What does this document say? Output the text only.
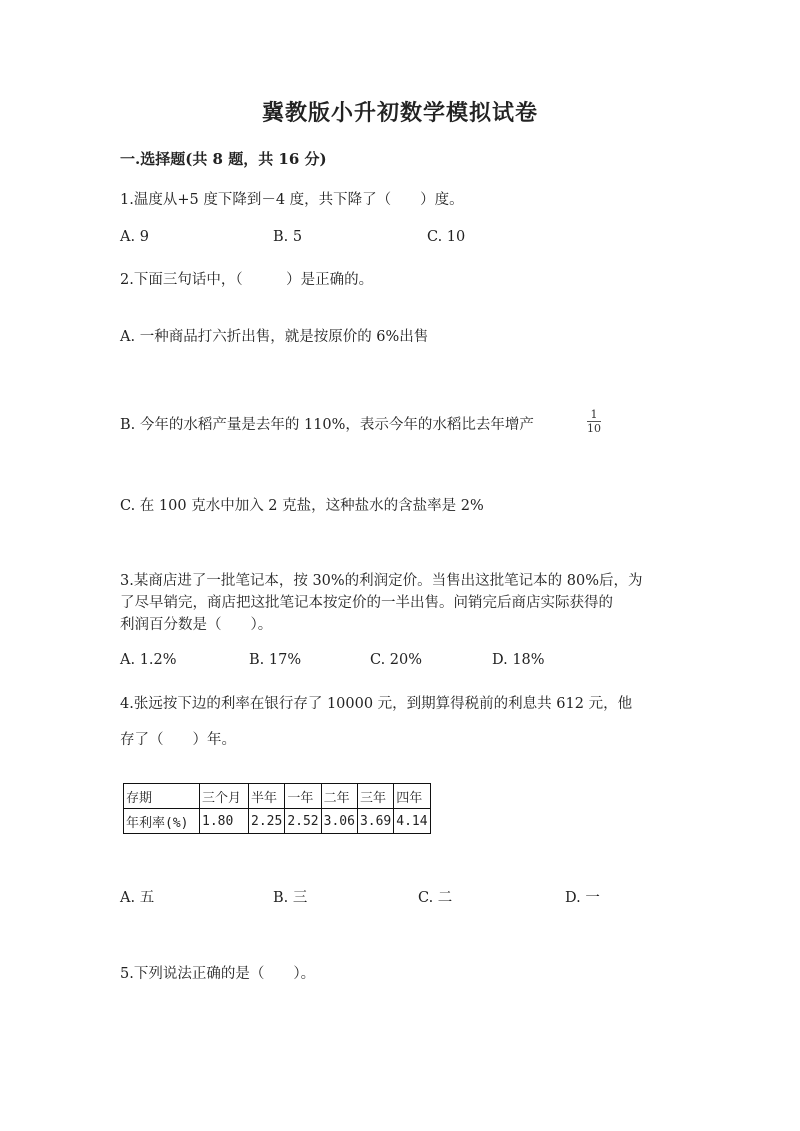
冀教版小升初数学模拟试卷
一.选择题(共 8 题，共 16 分)
1.温度从+5 度下降到－4 度，共下降了（　　）度。
A. 9	B. 5	C. 10
2.下面三句话中，（　　　）是正确的。
A. 一种商品打六折出售，就是按原价的 6%出售
B. 今年的水稻产量是去年的 110%，表示今年的水稻比去年增产
1
10
C. 在 100 克水中加入 2 克盐，这种盐水的含盐率是 2%
3.某商店进了一批笔记本，按 30%的利润定价。当售出这批笔记本的 80%后，为
了尽早销完，商店把这批笔记本按定价的一半出售。问销完后商店实际获得的
利润百分数是（　　）。
A. 1.2%	B. 17%	C. 20%	D. 18%
4.张远按下边的利率在银行存了 10000 元，到期算得税前的利息共 612 元，他
存了（　　）年。
存期	三个月	半年	一年	二年	三年	四年
年利率(%)	1.80	2.25	2.52	3.06	3.69	4.14
A. 五	B. 三	C. 二	D. 一
5.下列说法正确的是（　　）。
